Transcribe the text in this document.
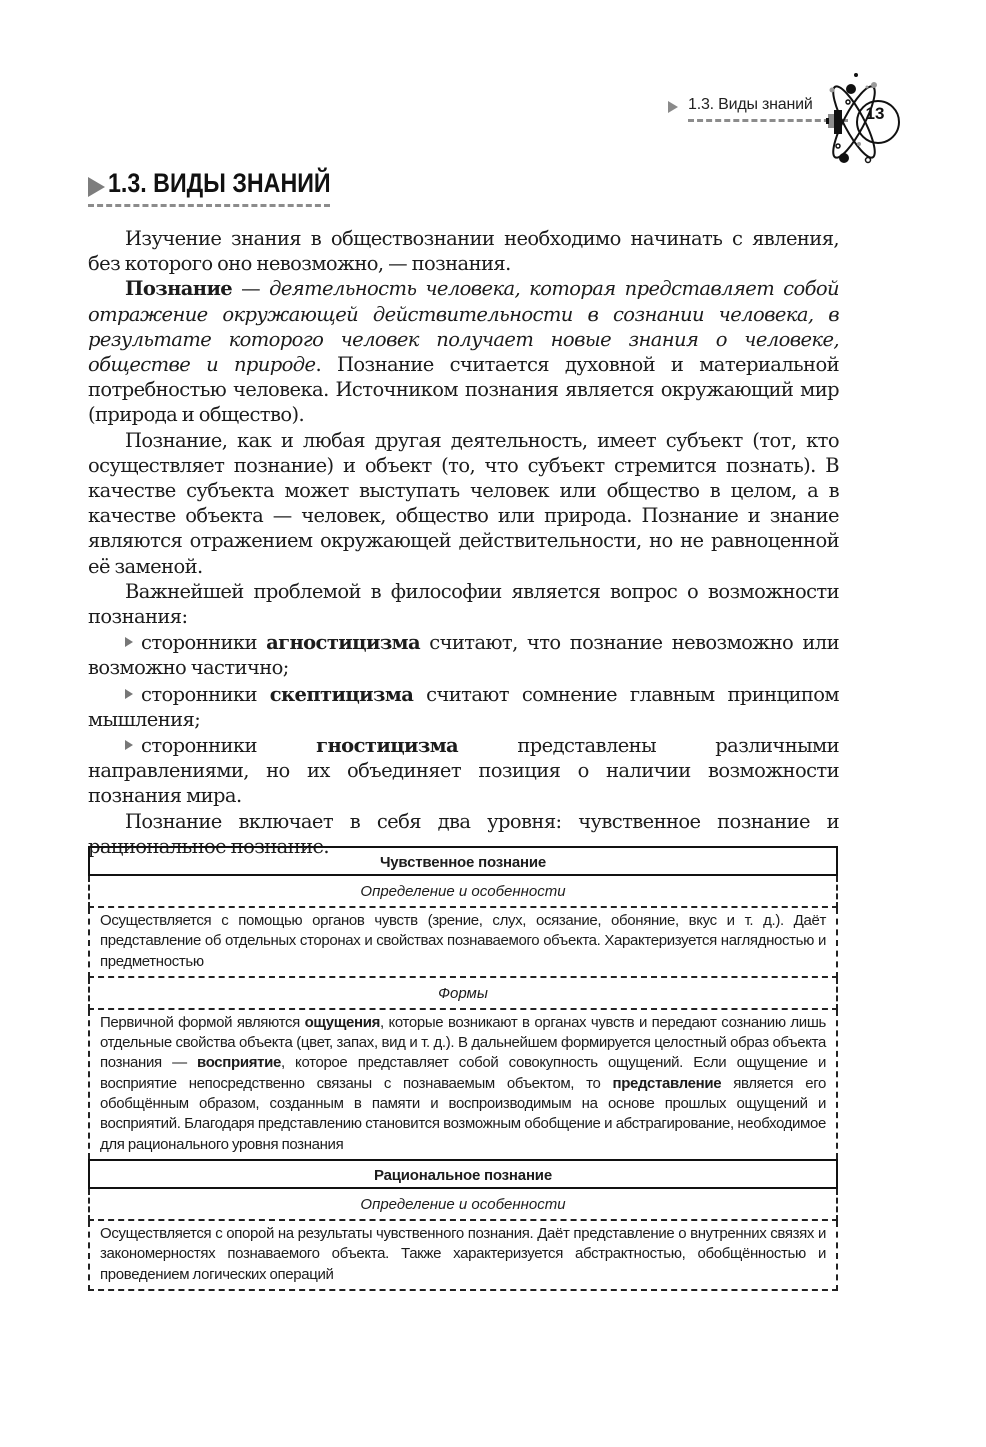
1.3. Виды знаний	13
1.3. ВИДЫ ЗНАНИЙ

Изучение знания в обществознании необходимо начинать с явления, без которого оно невозможно, — познания.

Познание — деятельность человека, которая представляет собой отражение окружающей действительности в сознании человека, в результате которого человек получает новые знания о человеке, обществе и природе. Познание считается духовной и материальной потребностью человека. Источником познания является окружающий мир (природа и общество).

Познание, как и любая другая деятельность, имеет субъект (тот, кто осуществляет познание) и объект (то, что субъект стремится познать). В качестве субъекта может выступать человек или общество в целом, а в качестве объекта — человек, общество или природа. Познание и знание являются отражением окружающей действительности, но не равноценной её заменой.

Важнейшей проблемой в философии является вопрос о возможности познания:

сторонники агностицизма считают, что познание невозможно или возможно частично;

сторонники скептицизма считают сомнение главным принципом мышления;

сторонники гностицизма представлены различными направлениями, но их объединяет позиция о наличии возможности познания мира.

Познание включает в себя два уровня: чувственное познание и рациональное познание.

Чувственное познание
Определение и особенности
Осуществляется с помощью органов чувств (зрение, слух, осязание, обоняние, вкус и т. д.). Даёт представление об отдельных сторонах и свойствах познаваемого объекта. Характеризуется наглядностью и предметностью
Формы
Первичной формой являются ощущения, которые возникают в органах чувств и передают сознанию лишь отдельные свойства объекта (цвет, запах, вид и т. д.). В дальнейшем формируется целостный образ объекта познания — восприятие, которое представляет собой совокупность ощущений. Если ощущение и восприятие непосредственно связаны с познаваемым объектом, то представление является его обобщённым образом, созданным в памяти и воспроизводимым на основе прошлых ощущений и восприятий. Благодаря представлению становится возможным обобщение и абстрагирование, необходимое для рационального уровня познания
Рациональное познание
Определение и особенности
Осуществляется с опорой на результаты чувственного познания. Даёт представление о внутренних связях и закономерностях познаваемого объекта. Также характеризуется абстрактностью, обобщённостью и проведением логических операций
